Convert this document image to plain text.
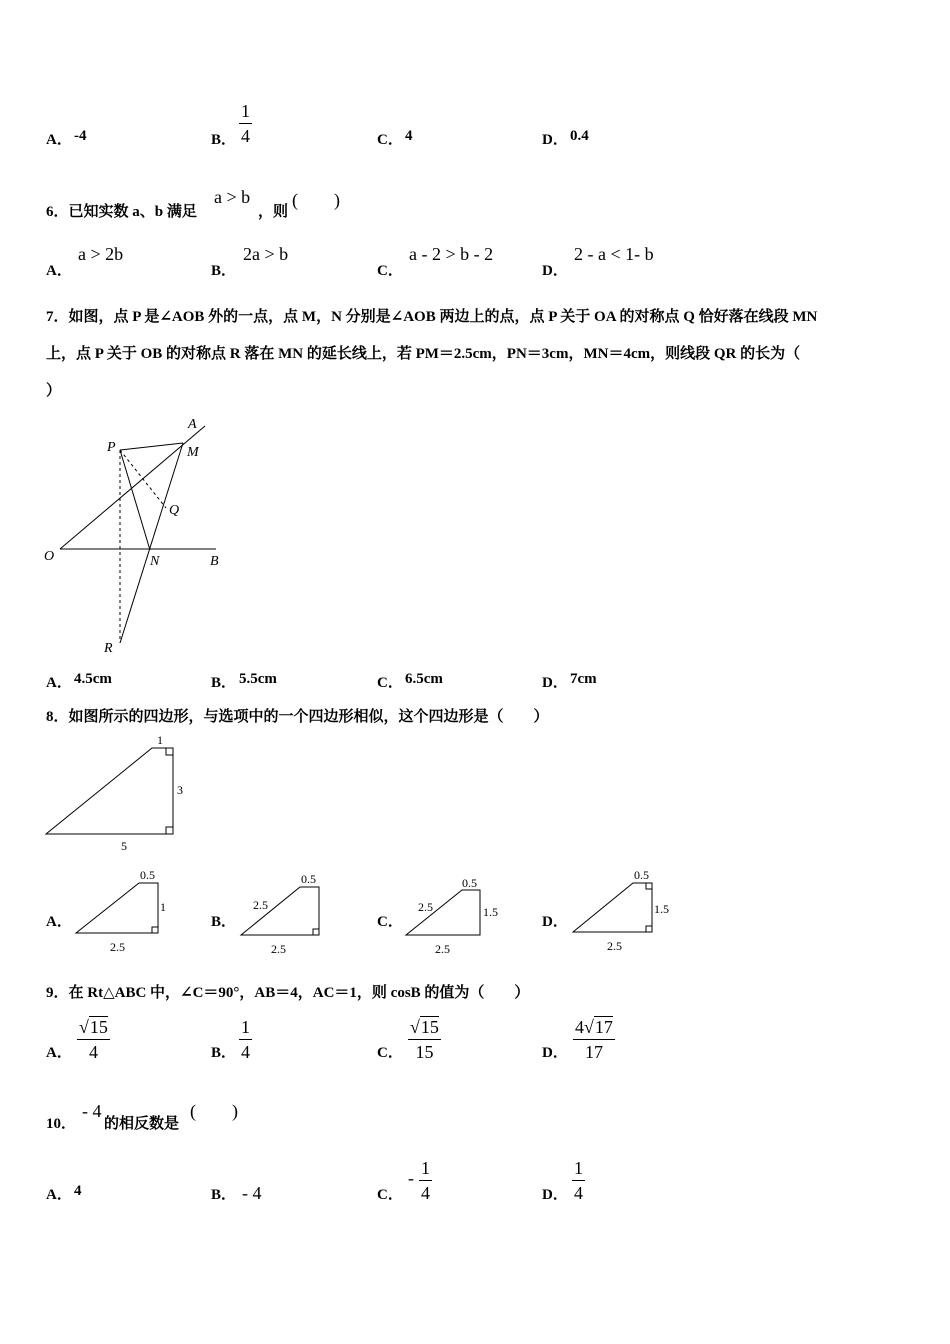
A． -4	B． $\frac{1}{4}$	C． 4	D． 0.4
6．已知实数 a、b 满足
a > b
，则
(　　)
A．
a > 2b
B．
2a > b
C．
a - 2 > b - 2
D．
2 - a < 1- b
7．如图，点 P 是∠AOB 外的一点，点 M，N 分别是∠AOB 两边上的点，点 P 关于 OA 的对称点 Q 恰好落在线段 MN
上，点 P 关于 OB 的对称点 R 落在 MN 的延长线上，若 PM＝2.5cm，PN＝3cm，MN＝4cm，则线段 QR 的长为（
）
A
M
P
Q
O	N	B
R
A． 4.5cm	B． 5.5cm	C． 6.5cm	D． 7cm
8．如图所示的四边形，与选项中的一个四边形相似，这个四边形是（　　）
1
3
5
A．
0.5
1
2.5
B．
0.5
2.5
2.5
C．
0.5
2.5	1.5
2.5
D．
0.5
1.5
2.5
9．在 Rt△ABC 中，∠C＝90°，AB＝4，AC＝1，则 cosB 的值为（　　）
A． $\frac{√15}{4}$	B． $\frac{1}{4}$	C． $\frac{√15}{15}$	D． $\frac{4√17}{17}$
10．
- 4
的相反数是
(　　)
A． 4	B． - 4	C．
- $\frac{1}{4}$	D． $\frac{1}{4}$
